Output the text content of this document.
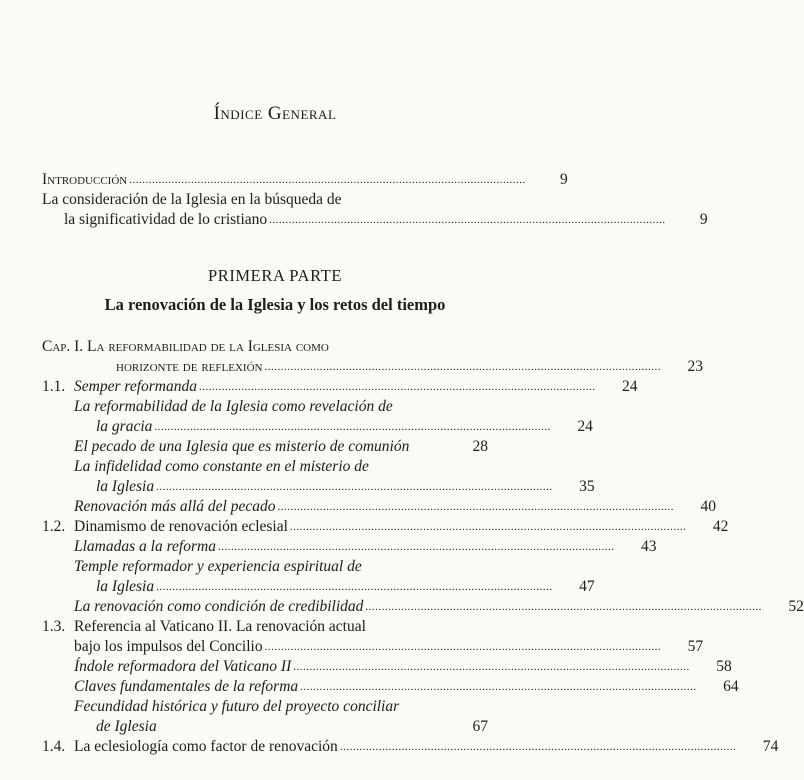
Índice General
Introducción ..........................................................................................................................	9
La consideración de la Iglesia en la búsqueda de
la significatividad de lo cristiano ..........................................................................................................................	9
PRIMERA PARTE
La renovación de la Iglesia y los retos del tiempo
Cap. I. La reformabilidad de la Iglesia como
horizonte de reflexión ..........................................................................................................................	23
1.1. Semper reformanda ..........................................................................................................................	24
La reformabilidad de la Iglesia como revelación de
la gracia ..........................................................................................................................	24
El pecado de una Iglesia que es misterio de comunión	28
La infidelidad como constante en el misterio de
la Iglesia ..........................................................................................................................	35
Renovación más allá del pecado ..........................................................................................................................	40
1.2. Dinamismo de renovación eclesial ..........................................................................................................................	42
Llamadas a la reforma ..........................................................................................................................	43
Temple reformador y experiencia espiritual de
la Iglesia ..........................................................................................................................	47
La renovación como condición de credibilidad ..........................................................................................................................	52
1.3. Referencia al Vaticano II. La renovación actual
bajo los impulsos del Concilio ..........................................................................................................................	57
Índole reformadora del Vaticano II ..........................................................................................................................	58
Claves fundamentales de la reforma ..........................................................................................................................	64
Fecundidad histórica y futuro del proyecto conciliar
de Iglesia	67
1.4. La eclesiología como factor de renovación ..........................................................................................................................	74
